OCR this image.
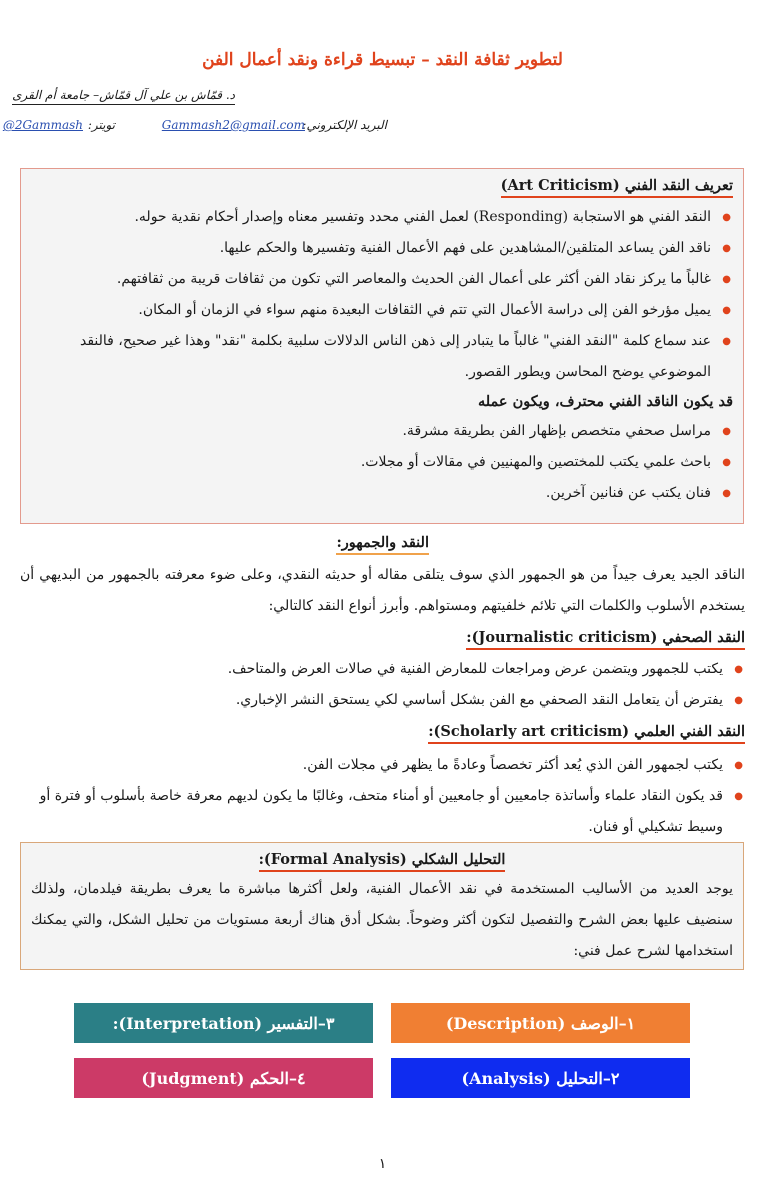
لتطوير ثقافة النقد – تبسيط قراءة ونقد أعمال الفن
د. قمّاش بن علي آل قمّاش– جامعة أم القرى
البريد الإلكتروني:
Gammash2@gmail.com
تويتر:
@2Gammash
تعريف النقد الفني (Art Criticism)
● النقد الفني هو الاستجابة (Responding) لعمل الفني محدد وتفسير معناه وإصدار أحكام نقدية حوله.
● ناقد الفن يساعد المتلقين/المشاهدين على فهم الأعمال الفنية وتفسيرها والحكم عليها.
● غالباً ما يركز نقاد الفن أكثر على أعمال الفن الحديث والمعاصر التي تكون من ثقافات قريبة من ثقافتهم.
● يميل مؤرخو الفن إلى دراسة الأعمال التي تتم في الثقافات البعيدة منهم سواء في الزمان أو المكان.
● عند سماع كلمة "النقد الفني" غالباً ما يتبادر إلى ذهن الناس الدلالات سلبية بكلمة "نقد" وهذا غير صحيح، فالنقد الموضوعي يوضح المحاسن ويطور القصور.
قد يكون الناقد الفني محترف، ويكون عمله
● مراسل صحفي متخصص بإظهار الفن بطريقة مشرقة.
● باحث علمي يكتب للمختصين والمهنيين في مقالات أو مجلات.
● فنان يكتب عن فنانين آخرين.
النقد والجمهور:
الناقد الجيد يعرف جيداً من هو الجمهور الذي سوف يتلقى مقاله أو حديثه النقدي، وعلى ضوء معرفته بالجمهور من البديهي أن يستخدم الأسلوب والكلمات التي تلائم خلفيتهم ومستواهم. وأبرز أنواع النقد كالتالي:
النقد الصحفي (Journalistic criticism):
● يكتب للجمهور ويتضمن عرض ومراجعات للمعارض الفنية في صالات العرض والمتاحف.
● يفترض أن يتعامل النقد الصحفي مع الفن بشكل أساسي لكي يستحق النشر الإخباري.
النقد الفني العلمي (Scholarly art criticism):
● يكتب لجمهور الفن الذي يُعد أكثر تخصصاً وعادةً ما يظهر في مجلات الفن.
● قد يكون النقاد علماء وأساتذة جامعيين أو جامعيين أو أمناء متحف، وغالبًا ما يكون لديهم معرفة خاصة بأسلوب أو فترة أو وسيط تشكيلي أو فنان.
التحليل الشكلي (Formal Analysis):
يوجد العديد من الأساليب المستخدمة في نقد الأعمال الفنية، ولعل أكثرها مباشرة ما يعرف بطريقة فيلدمان، ولذلك سنضيف عليها بعض الشرح والتفصيل لتكون أكثر وضوحاً. بشكل أدق هناك أربعة مستويات من تحليل الشكل، والتي يمكنك استخدامها لشرح عمل فني:
١–الوصف (Description)
٣–التفسير (Interpretation):
٢–التحليل (Analysis)
٤–الحكم (Judgment)
١
